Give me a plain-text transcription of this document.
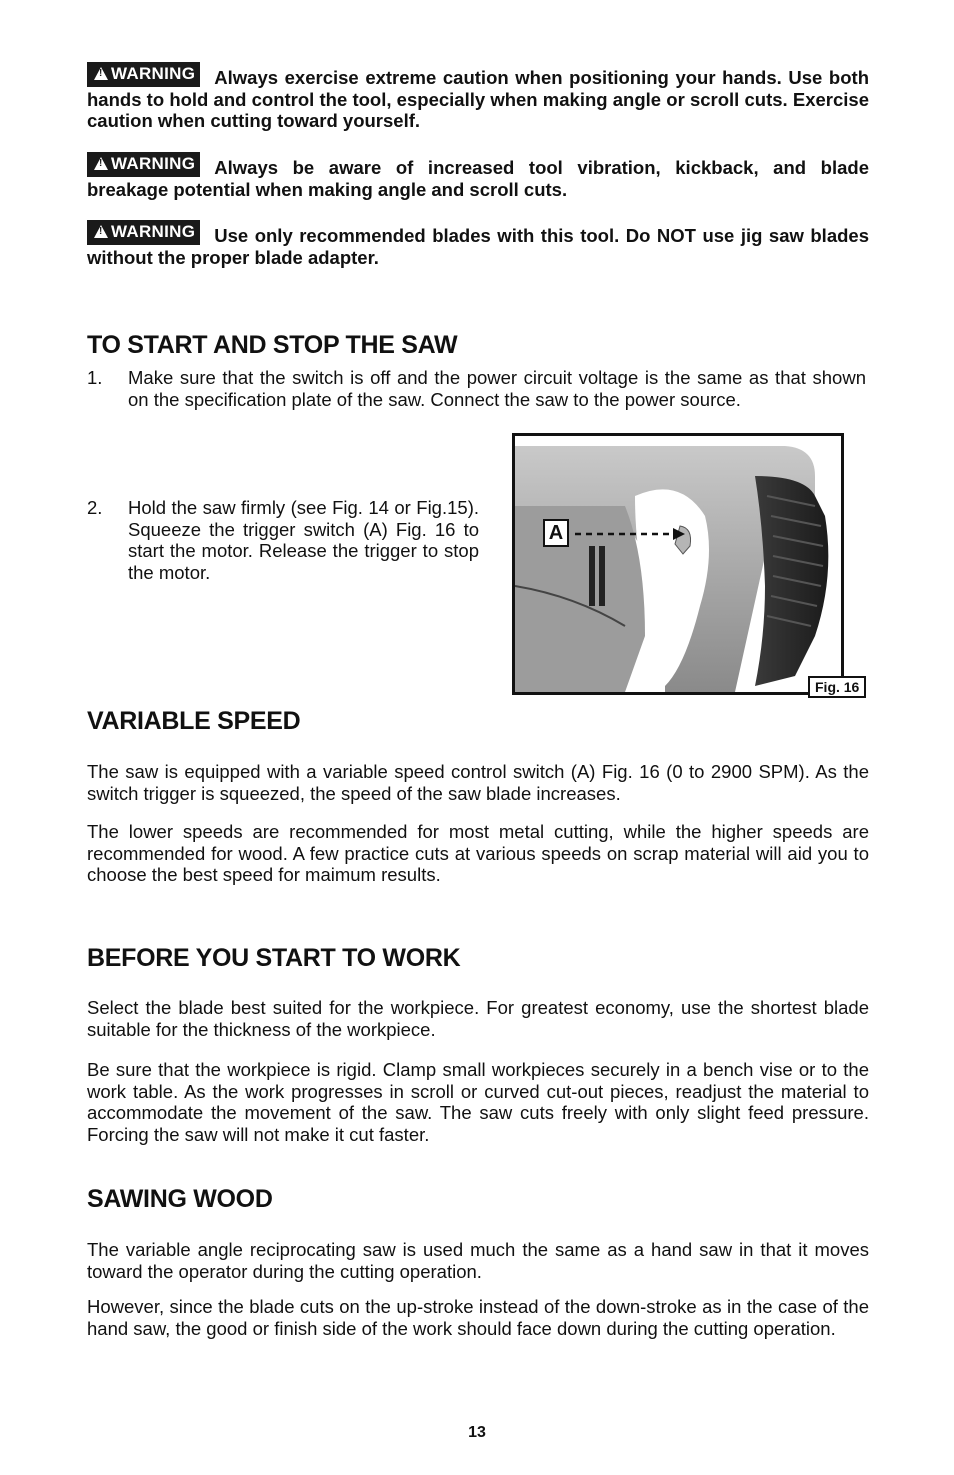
! WARNING Always exercise extreme caution when positioning your hands. Use both hands to hold and control the tool, especially when making angle or scroll cuts. Exercise caution when cutting toward yourself.
! WARNING Always be aware of increased tool vibration, kickback, and blade breakage potential when making angle and scroll cuts.
! WARNING Use only recommended blades with this tool. Do NOT use jig saw blades without the proper blade adapter.
TO START AND STOP THE SAW
1. Make sure that the switch is off and the power circuit voltage is the same as that shown on the specification plate of the saw. Connect the saw to the power source.
2. Hold the saw firmly (see Fig. 14 or Fig.15). Squeeze the trigger switch (A) Fig. 16 to start the motor. Release the trigger to stop the motor.
A
Fig. 16
VARIABLE SPEED

The saw is equipped with a variable speed control switch (A) Fig. 16 (0 to 2900 SPM). As the switch trigger is squeezed, the speed of the saw blade increases.

The lower speeds are recommended for most metal cutting, while the higher speeds are recommended for wood. A few practice cuts at various speeds on scrap material will aid you to choose the best speed for maimum results.

BEFORE YOU START TO WORK

Select the blade best suited for the workpiece. For greatest economy, use the shortest blade suitable for the thickness of the workpiece.

Be sure that the workpiece is rigid. Clamp small workpieces securely in a bench vise or to the work table. As the work progresses in scroll or curved cut-out pieces, readjust the material to accommodate the movement of the saw. The saw cuts freely with only slight feed pressure. Forcing the saw will not make it cut faster.

SAWING WOOD

The variable angle reciprocating saw is used much the same as a hand saw in that it moves toward the operator during the cutting operation.

However, since the blade cuts on the up-stroke instead of the down-stroke as in the case of the hand saw, the good or finish side of the work should face down during the cutting operation.

13
